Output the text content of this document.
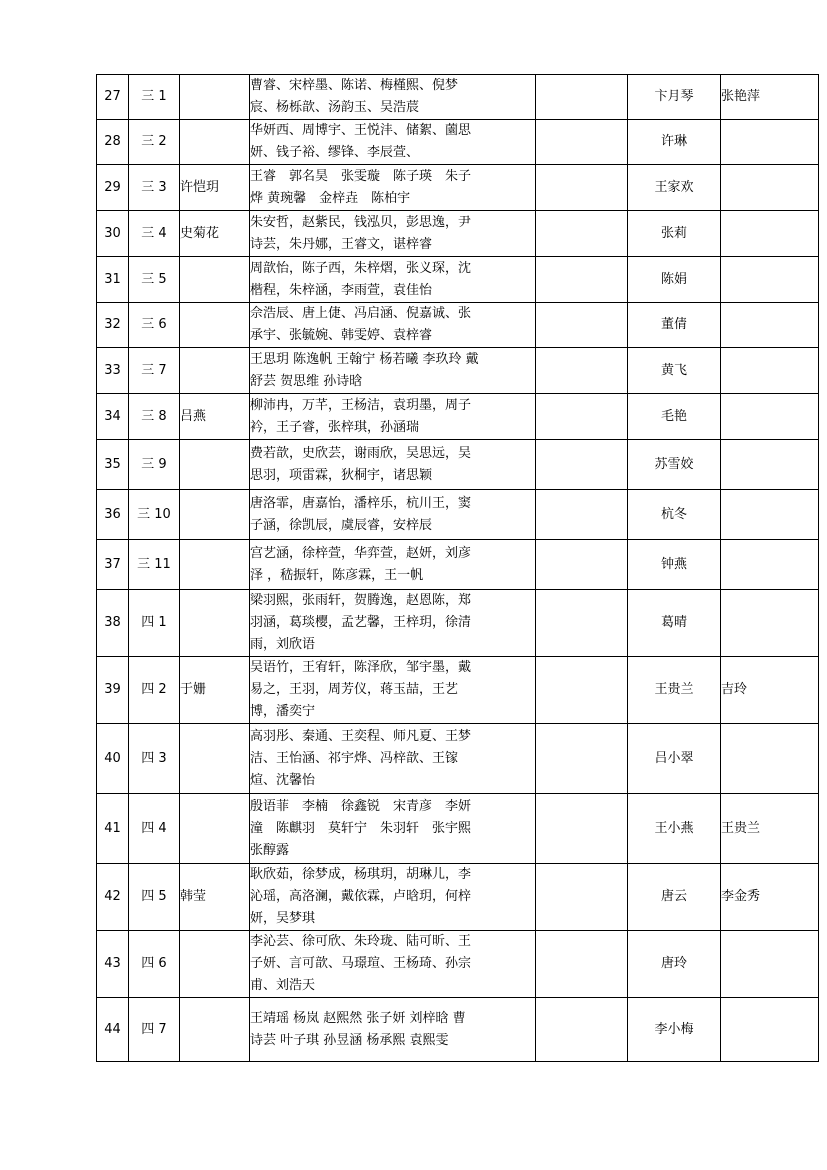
27	三 1		曹睿、宋梓墨、陈诺、梅槿熙、倪梦
宸、杨栎歆、汤韵玉、吴浩莀		卞月琴	张艳萍
28	三 2		华妍西、周博宇、王悦沣、储絮、薗思
妍、钱子裕、缪锋、李辰萱、		许琳	
29	三 3	许恺玥	王睿　郭名昊　张雯璇　陈子瑛　朱子
烨 黄琬馨　金梓垚　陈柏宇		王家欢	
30	三 4	史菊花	朱安哲，赵紫民，钱泓贝，彭思逸，尹
诗芸，朱丹娜，王睿文，谌梓睿		张莉	
31	三 5		周歆怡，陈子西，朱梓熠，张义琛，沈
楷程，朱梓涵，李雨萱，袁佳怡		陈娟	
32	三 6		佘浩辰、唐上倢、冯启涵、倪嘉诚、张
承宇、张毓婉、韩雯婷、袁梓睿		董倩	
33	三 7		王思玥 陈逸帆 王翰宁 杨若曦 李玖玲 戴
舒芸 贺思维 孙诗晗		黄飞	
34	三 8	吕燕	柳沛冉，万芊，王杨洁，袁玥墨，周子
衿，王子睿，张梓琪，孙涵瑞		毛艳	
35	三 9		费若歆，史欣芸，谢雨欣，吴思远，吴
思羽，项雷霖，狄桐宇，诸思颖		苏雪姣	
36	三 10		唐洛霏，唐嘉怡，潘梓乐，杭川王，窦
子涵，徐凯辰，虞辰睿，安梓辰		杭冬	
37	三 11		宫艺涵，徐梓萱，华弈萱，赵妍，刘彦
泽 ，嵇振轩，陈彦霖，王一帆		钟燕	
38	四 1		梁羽熙，张雨轩，贺腾逸，赵恩陈，郑
羽涵，葛琰樱，孟艺馨，王梓玥，徐清
雨，刘欣语		葛晴	
39	四 2	于姗	吴语竹，王宥轩，陈泽欣，邹宇墨，戴
易之，王羽，周芳仪，蒋玉喆，王艺
博，潘奕宁		王贵兰	吉玲
40	四 3		高羽彤、秦通、王奕程、师凡夏、王梦
洁、王怡涵、祁宇烨、冯梓歆、王镓
煊、沈馨怡		吕小翠	
41	四 4		殷语菲　李楠　徐鑫锐　宋青彦　李妍
潼　陈麒羽　莫轩宁　朱羽轩　张宇熙
张醇露		王小燕	王贵兰
42	四 5	韩莹	耿欣茹，徐梦成，杨琪玥，胡琳儿，李
沁瑶，高洛澜，戴依霖，卢晗玥，何梓
妍，吴梦琪		唐云	李金秀
43	四 6		李沁芸、徐可欣、朱玲珑、陆可昕、王
子妍、言可歆、马璟瑄、王杨琦、孙宗
甫、刘浩天		唐玲	
44	四 7		王靖瑶 杨岚 赵熙然 张子妍 刘梓晗 曹
诗芸 叶子琪 孙昱涵 杨承熙 袁熙雯		李小梅	
